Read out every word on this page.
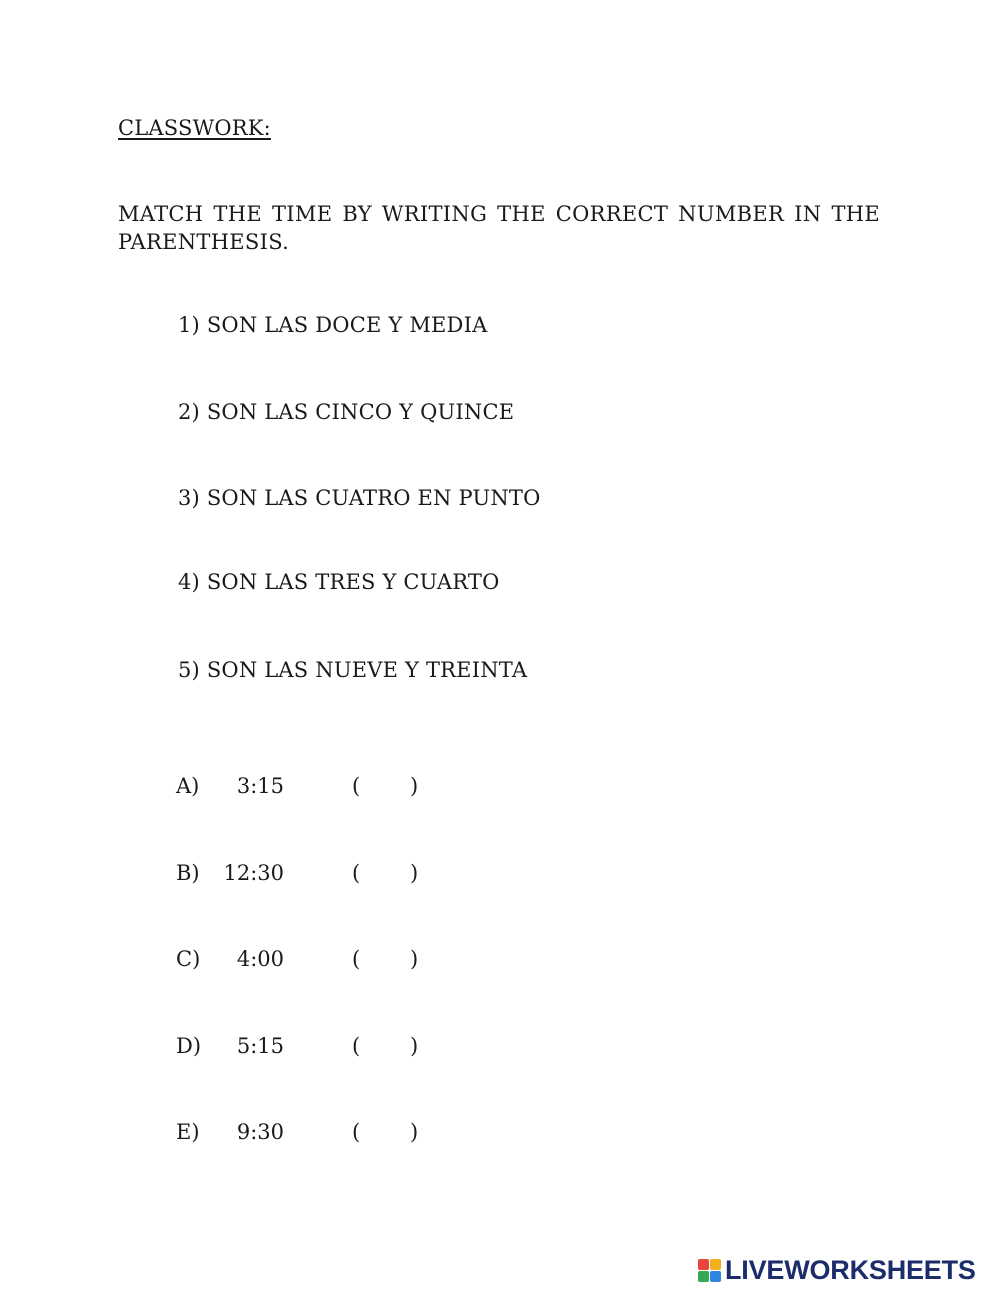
CLASSWORK:
MATCH THE TIME BY WRITING THE CORRECT NUMBER IN THE PARENTHESIS.
1) SON LAS DOCE Y MEDIA
2) SON LAS CINCO Y QUINCE
3) SON LAS CUATRO EN PUNTO
4) SON LAS TRES Y CUARTO
5) SON LAS NUEVE Y TREINTA
A)	3:15	( )
B)	12:30	( )
C)	4:00	( )
D)	5:15	( )
E)	9:30	( )
LIVEWORKSHEETS
